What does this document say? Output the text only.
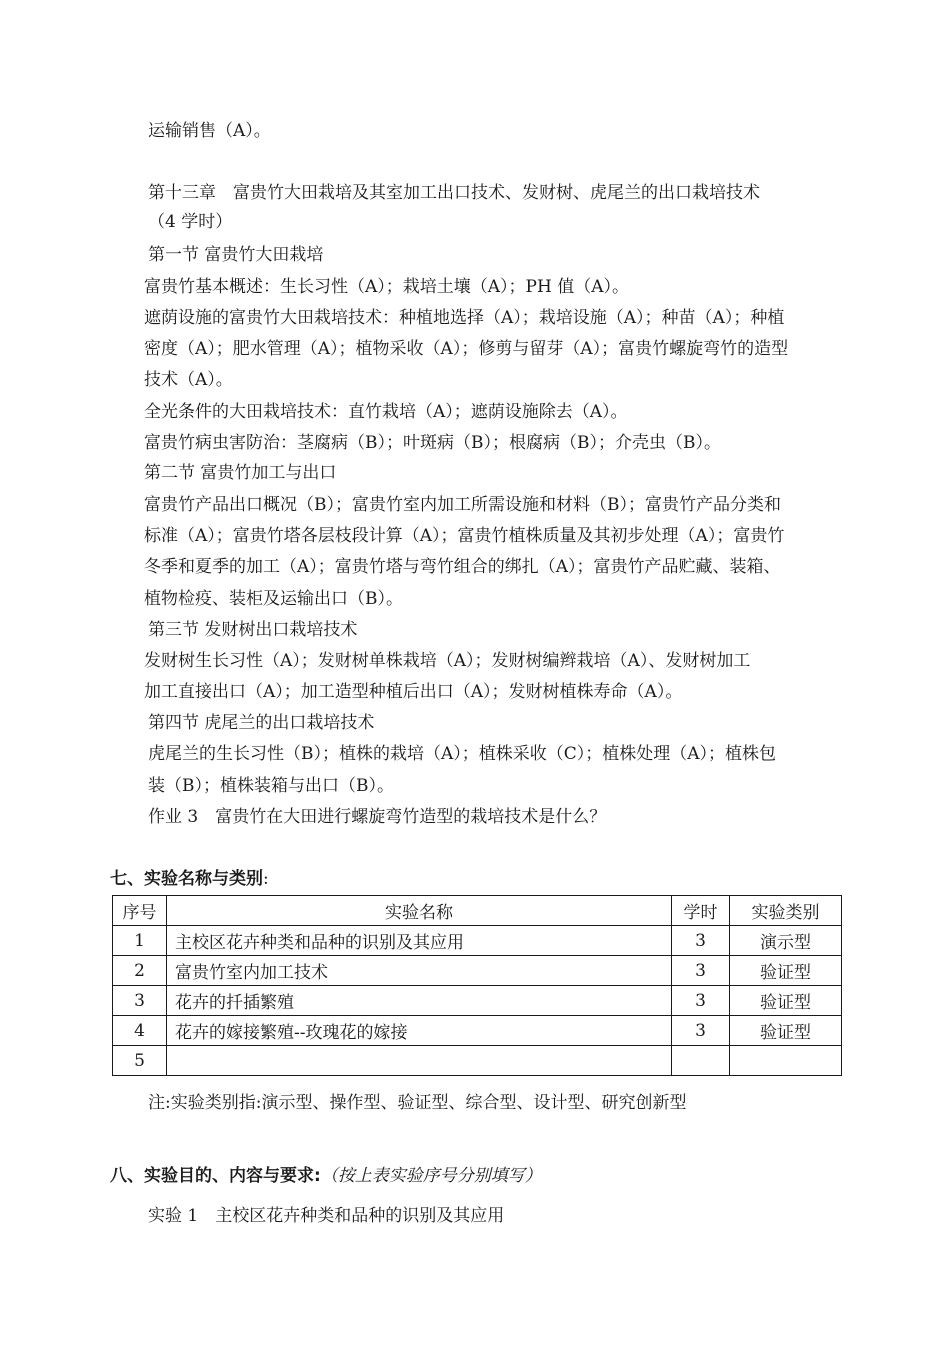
运输销售（A）。

第十三章　富贵竹大田栽培及其室加工出口技术、发财树、虎尾兰的出口栽培技术

（4 学时）

第一节 富贵竹大田栽培

富贵竹基本概述：生长习性（A）；栽培土壤（A）；PH 值（A）。

遮荫设施的富贵竹大田栽培技术：种植地选择（A）；栽培设施（A）；种苗（A）；种植

密度（A）；肥水管理（A）；植物采收（A）；修剪与留芽（A）；富贵竹螺旋弯竹的造型

技术（A）。

全光条件的大田栽培技术：直竹栽培（A）；遮荫设施除去（A）。

富贵竹病虫害防治：茎腐病（B）；叶斑病（B）；根腐病（B）；介壳虫（B）。

第二节 富贵竹加工与出口

富贵竹产品出口概况（B）；富贵竹室内加工所需设施和材料（B）；富贵竹产品分类和

标准（A）；富贵竹塔各层枝段计算（A）；富贵竹植株质量及其初步处理（A）；富贵竹

冬季和夏季的加工（A）；富贵竹塔与弯竹组合的绑扎（A）；富贵竹产品贮藏、装箱、

植物检疫、装柜及运输出口（B）。

第三节 发财树出口栽培技术

发财树生长习性（A）；发财树单株栽培（A）；发财树编辫栽培（A）、发财树加工

加工直接出口（A）；加工造型种植后出口（A）；发财树植株寿命（A）。

第四节 虎尾兰的出口栽培技术

虎尾兰的生长习性（B）；植株的栽培（A）；植株采收（C）；植株处理（A）；植株包

装（B）；植株装箱与出口（B）。

作业 3　富贵竹在大田进行螺旋弯竹造型的栽培技术是什么？

七、实验名称与类别:

序号	实验名称	学时	实验类别
1	主校区花卉种类和品种的识别及其应用	3	演示型
2	富贵竹室内加工技术	3	验证型
3	花卉的扦插繁殖	3	验证型
4	花卉的嫁接繁殖--玫瑰花的嫁接	3	验证型
5			

注:实验类别指:演示型、操作型、验证型、综合型、设计型、研究创新型

八、实验目的、内容与要求:（按上表实验序号分别填写）

实验 1　主校区花卉种类和品种的识别及其应用
